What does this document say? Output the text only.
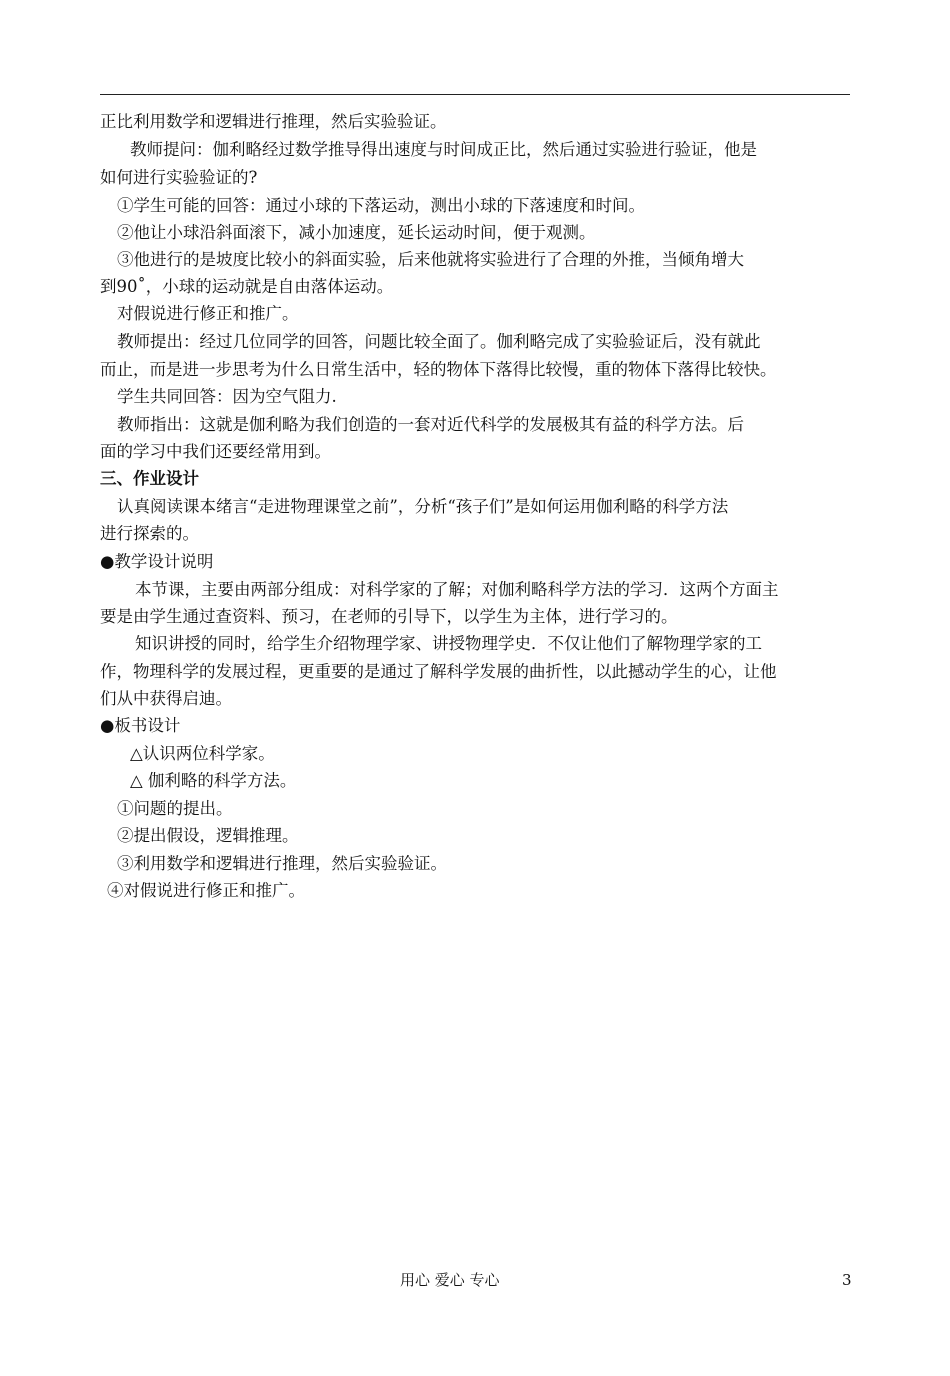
正比利用数学和逻辑进行推理，然后实验验证。
教师提问：伽利略经过数学推导得出速度与时间成正比，然后通过实验进行验证，他是
如何进行实验验证的?
①学生可能的回答：通过小球的下落运动，测出小球的下落速度和时间。
②他让小球沿斜面滚下，减小加速度，延长运动时间，便于观测。
③他进行的是坡度比较小的斜面实验，后来他就将实验进行了合理的外推，当倾角增大
到90˚，小球的运动就是自由落体运动。
对假说进行修正和推广。
教师提出：经过几位同学的回答，问题比较全面了。伽利略完成了实验验证后，没有就此
而止，而是进一步思考为什么日常生活中，轻的物体下落得比较慢，重的物体下落得比较快。
学生共同回答：因为空气阻力.
教师指出：这就是伽利略为我们创造的一套对近代科学的发展极其有益的科学方法。后
面的学习中我们还要经常用到。
三、作业设计
认真阅读课本绪言“走进物理课堂之前”，分析“孩子们”是如何运用伽利略的科学方法
进行探索的。
●教学设计说明
本节课，主要由两部分组成：对科学家的了解；对伽利略科学方法的学习．这两个方面主
要是由学生通过查资料、预习，在老师的引导下，以学生为主体，进行学习的。
知识讲授的同时，给学生介绍物理学家、讲授物理学史．不仅让他们了解物理学家的工
作，物理科学的发展过程，更重要的是通过了解科学发展的曲折性，以此撼动学生的心，让他
们从中获得启迪。
●板书设计
△认识两位科学家。
△ 伽利略的科学方法。
①问题的提出。
②提出假设，逻辑推理。
③利用数学和逻辑进行推理，然后实验验证。
④对假说进行修正和推广。
用心 爱心 专心	3
